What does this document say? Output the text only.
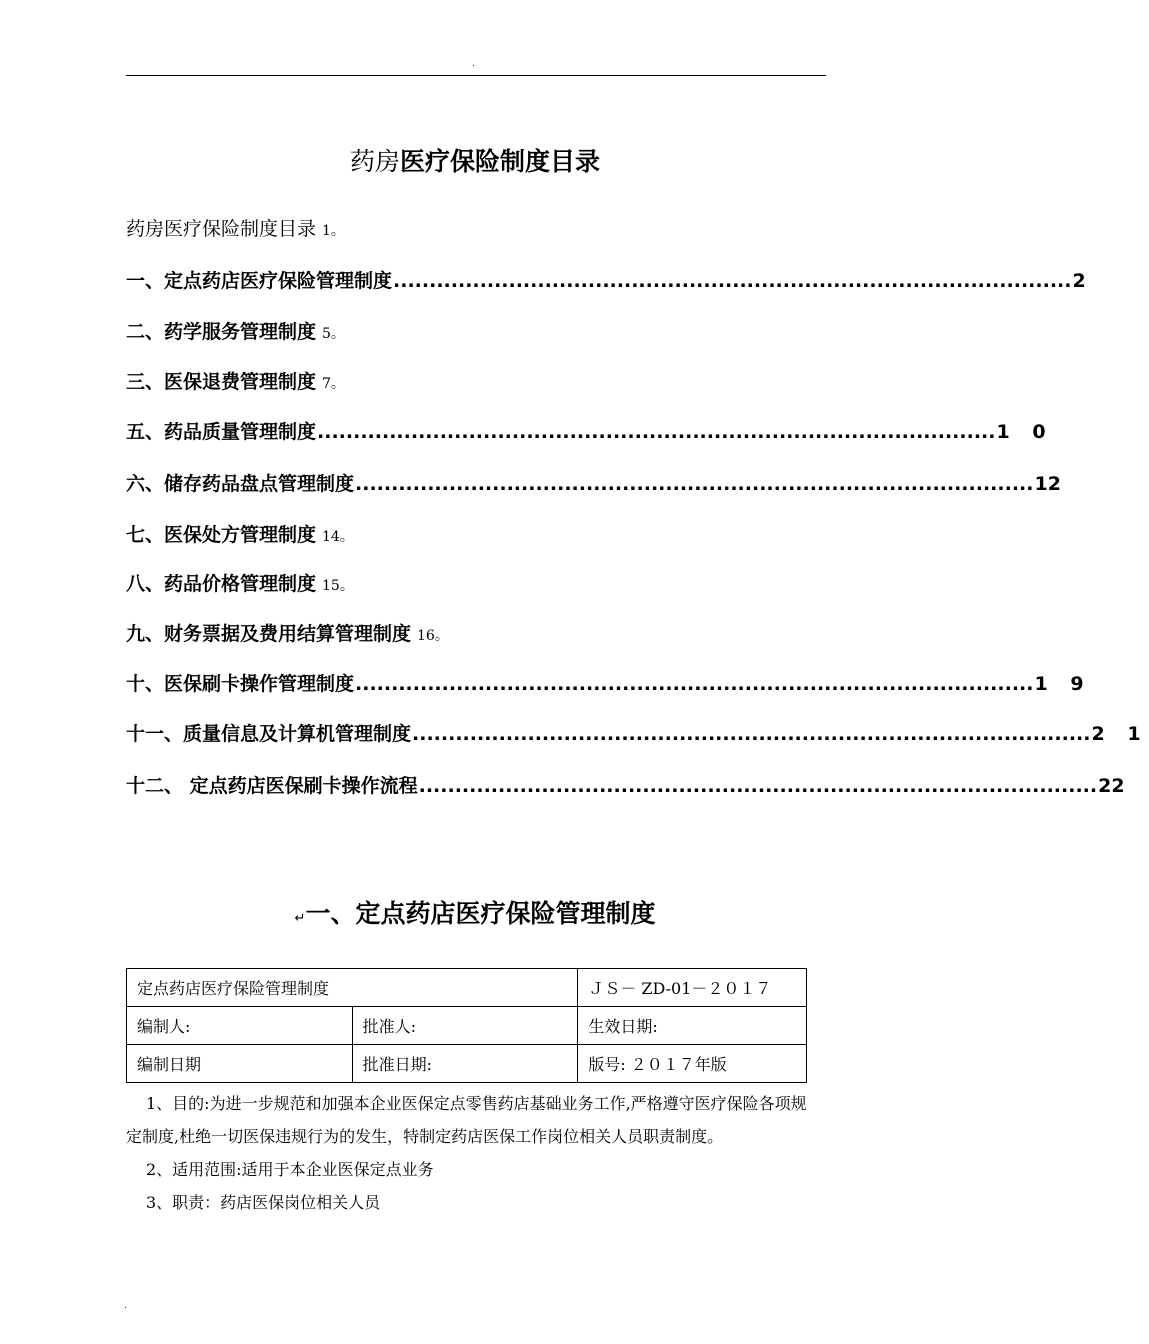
.
药房医疗保险制度目录
药房医疗保险制度目录 1。
一、定点药店医疗保险管理制度 .............................................................................................. 2
二、药学服务管理制度 5。
三、医保退费管理制度 7。
五、药品质量管理制度 .............................................................................................. 1 0
六、储存药品盘点管理制度 .............................................................................................. 12
七、医保处方管理制度 14。
八、药品价格管理制度 15。
九、财务票据及费用结算管理制度 16。
十、医保刷卡操作管理制度 .............................................................................................. 1 9
十一、质量信息及计算机管理制度 .............................................................................................. 2 1
十二、 定点药店医保刷卡操作流程 .............................................................................................. 22
↵一、定点药店医疗保险管理制度
定点药店医疗保险管理制度		ＪＳ－ ZD-01－２０１７
编制人:	批准人:	生效日期:
编制日期	批准日期:	版号: ２０１７年版

1、目的:为进一步规范和加强本企业医保定点零售药店基础业务工作,严格遵守医疗保险各项规定制度,杜绝一切医保违规行为的发生，特制定药店医保工作岗位相关人员职责制度。

2、适用范围:适用于本企业医保定点业务

3、职责：药店医保岗位相关人员

.
